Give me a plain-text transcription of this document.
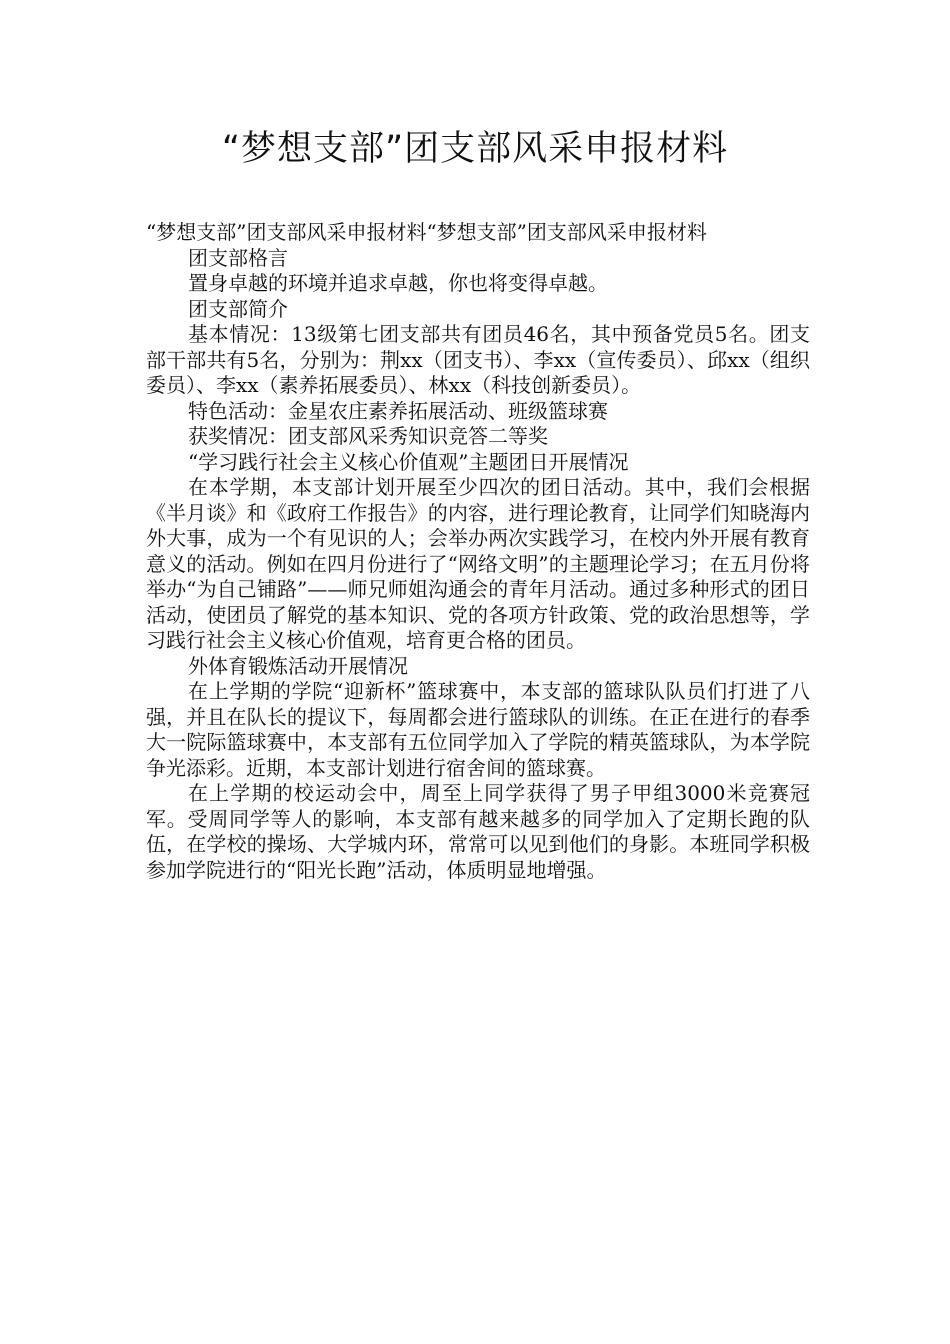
“梦想支部”团支部风采申报材料

“梦想支部”团支部风采申报材料“梦想支部”团支部风采申报材料

团支部格言

置身卓越的环境并追求卓越，你也将变得卓越。

团支部简介

基本情况：13级第七团支部共有团员46名，其中预备党员5名。团支部干部共有5名，分别为：荆xx（团支书）、李xx（宣传委员）、邱xx（组织委员）、李xx（素养拓展委员）、林xx（科技创新委员）。

特色活动：金星农庄素养拓展活动、班级篮球赛

获奖情况：团支部风采秀知识竞答二等奖

“学习践行社会主义核心价值观”主题团日开展情况

在本学期，本支部计划开展至少四次的团日活动。其中，我们会根据《半月谈》和《政府工作报告》的内容，进行理论教育，让同学们知晓海内外大事，成为一个有见识的人；会举办两次实践学习，在校内外开展有教育意义的活动。例如在四月份进行了“网络文明”的主题理论学习；在五月份将举办“为自己铺路”——师兄师姐沟通会的青年月活动。通过多种形式的团日活动，使团员了解党的基本知识、党的各项方针政策、党的政治思想等，学习践行社会主义核心价值观，培育更合格的团员。

外体育锻炼活动开展情况

在上学期的学院“迎新杯”篮球赛中，本支部的篮球队队员们打进了八强，并且在队长的提议下，每周都会进行篮球队的训练。在正在进行的春季大一院际篮球赛中，本支部有五位同学加入了学院的精英篮球队，为本学院争光添彩。近期，本支部计划进行宿舍间的篮球赛。

在上学期的校运动会中，周至上同学获得了男子甲组3000米竞赛冠军。受周同学等人的影响，本支部有越来越多的同学加入了定期长跑的队伍，在学校的操场、大学城内环，常常可以见到他们的身影。本班同学积极参加学院进行的“阳光长跑”活动，体质明显地增强。
